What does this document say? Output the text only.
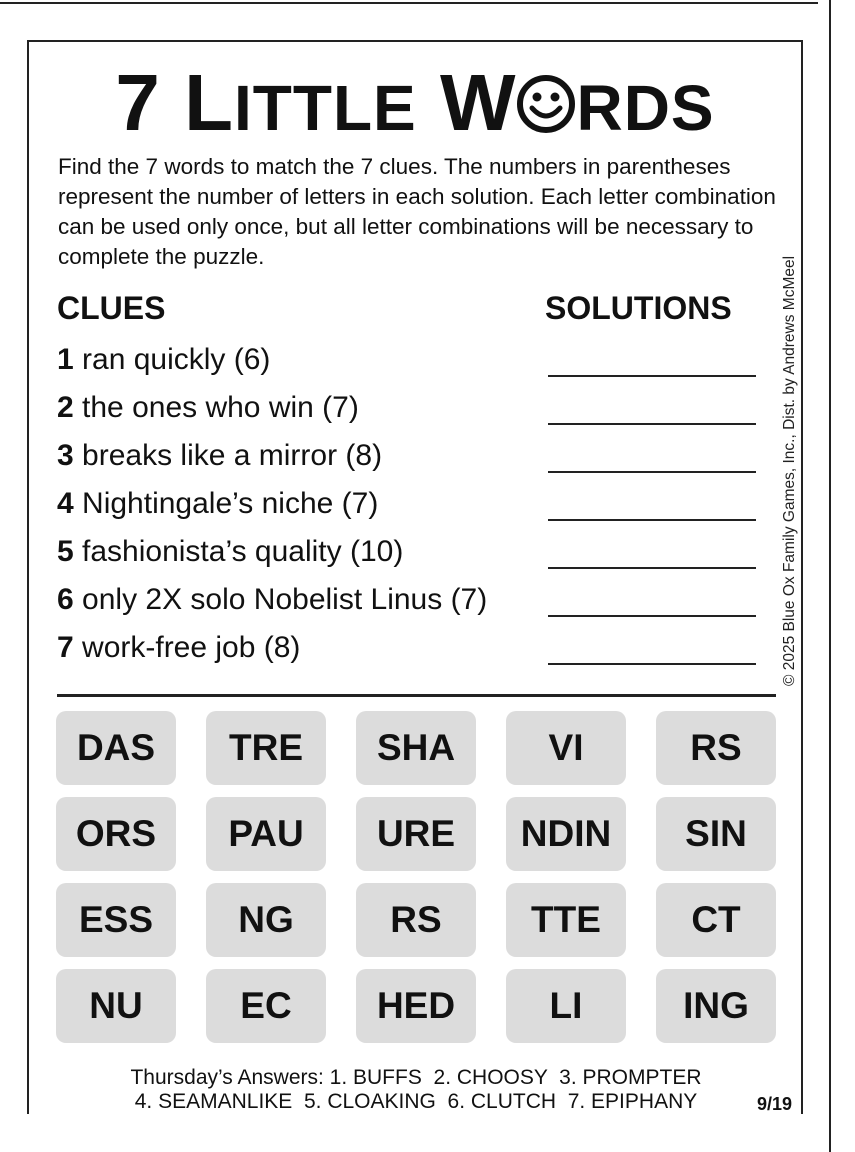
7 LITTLE W RDS
Find the 7 words to match the 7 clues. The numbers in parentheses represent the number of letters in each solution. Each letter combination can be used only once, but all letter combinations will be necessary to complete the puzzle.	© 2025 Blue Ox Family Games, Inc., Dist. by Andrews McMeel
CLUES	SOLUTIONS
1 ran quickly (6)
2 the ones who win (7)
3 breaks like a mirror (8)
4 Nightingale’s niche (7)
5 fashionista’s quality (10)
6 only 2X solo Nobelist Linus (7)
7 work-free job (8)
DAS	TRE	SHA	VI	RS
ORS	PAU	URE	NDIN	SIN
ESS	NG	RS	TTE	CT
NU	EC	HED	LI	ING
Thursday’s Answers: 1. BUFFS  2. CHOOSY  3. PROMPTER
4. SEAMANLIKE  5. CLOAKING  6. CLUTCH  7. EPIPHANY	9/19
